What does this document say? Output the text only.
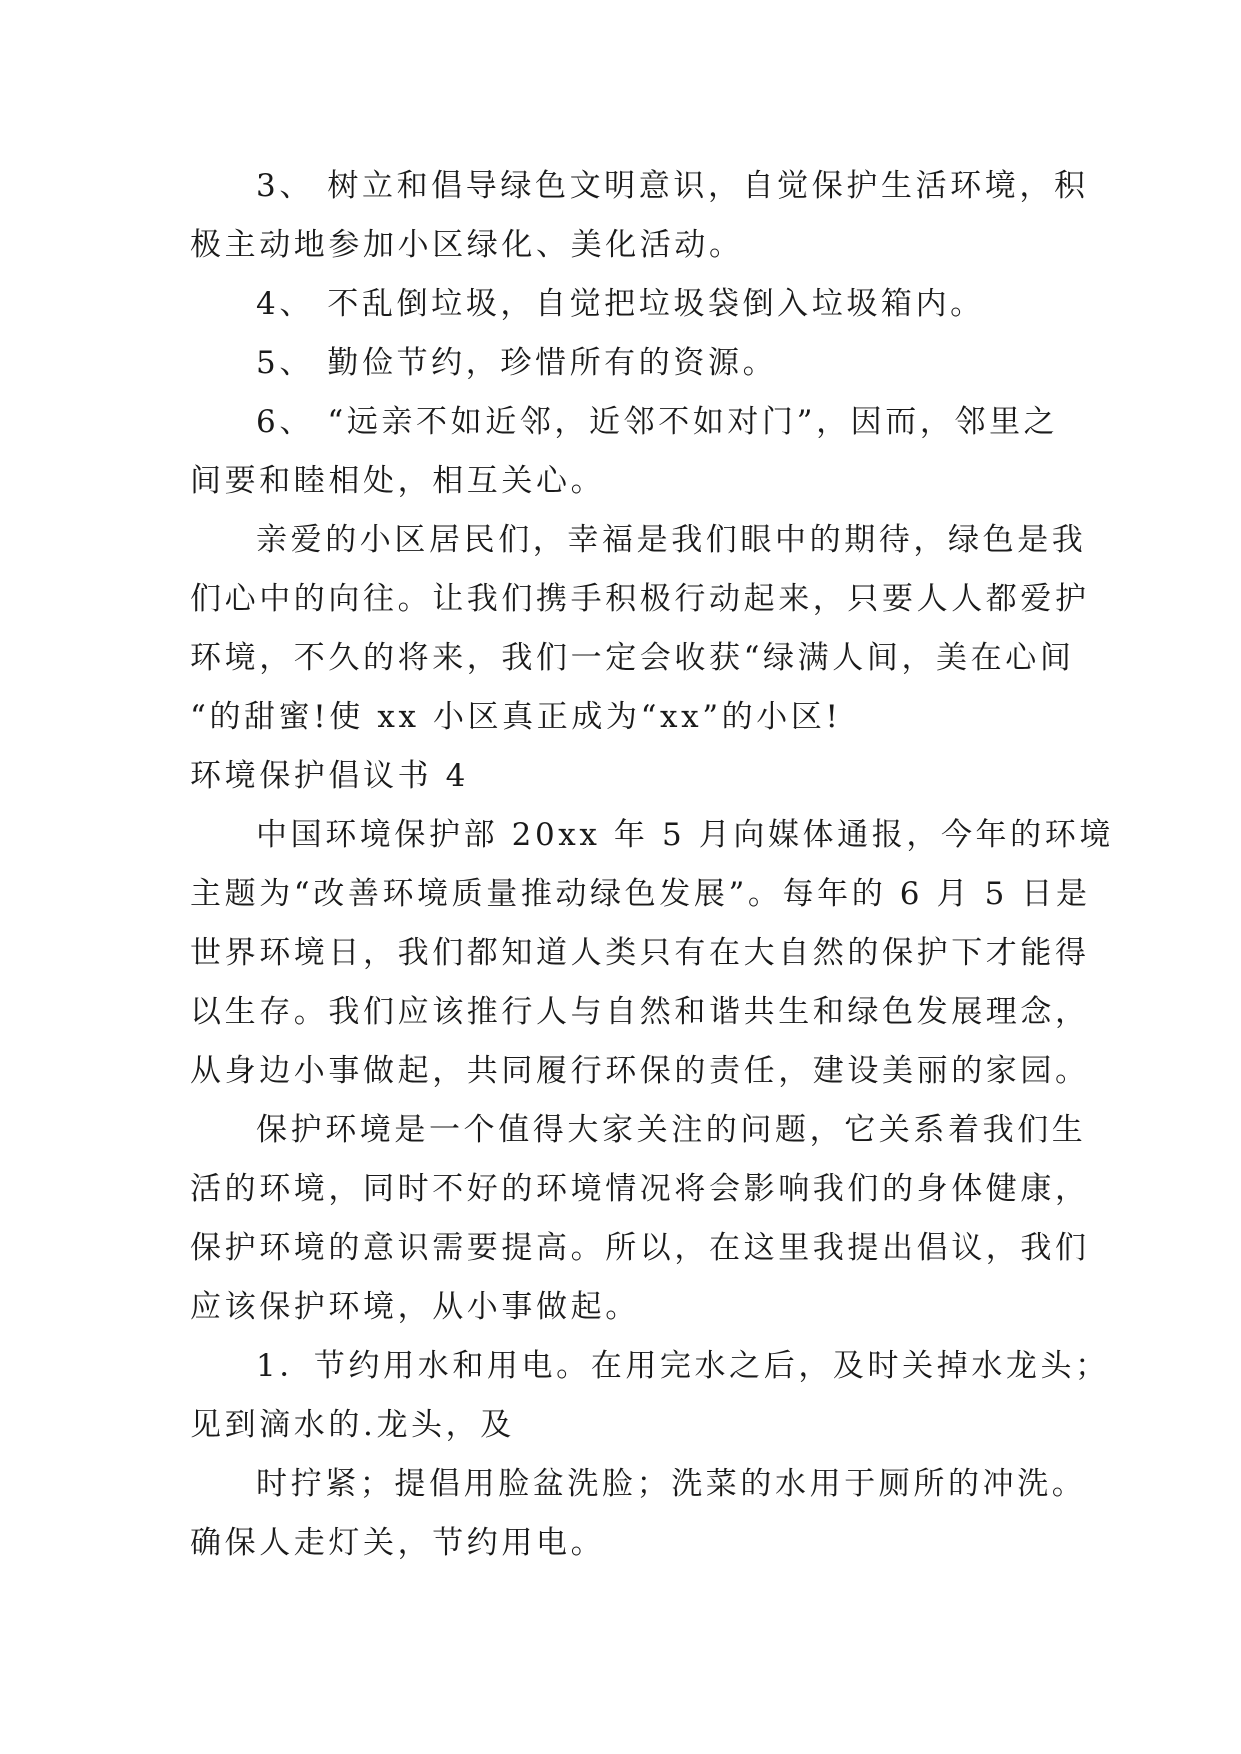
3、 树立和倡导绿色文明意识，自觉保护生活环境，积
极主动地参加小区绿化、美化活动。
4、 不乱倒垃圾，自觉把垃圾袋倒入垃圾箱内。
5、 勤俭节约，珍惜所有的资源。
6、 “远亲不如近邻，近邻不如对门”，因而，邻里之
间要和睦相处，相互关心。
亲爱的小区居民们，幸福是我们眼中的期待，绿色是我
们心中的向往。让我们携手积极行动起来，只要人人都爱护
环境，不久的将来，我们一定会收获“绿满人间，美在心间
“的甜蜜!使 xx 小区真正成为“xx”的小区!
环境保护倡议书 4
中国环境保护部 20xx 年 5 月向媒体通报，今年的环境
主题为“改善环境质量推动绿色发展”。每年的 6 月 5 日是
世界环境日，我们都知道人类只有在大自然的保护下才能得
以生存。我们应该推行人与自然和谐共生和绿色发展理念，
从身边小事做起，共同履行环保的责任，建设美丽的家园。
保护环境是一个值得大家关注的问题，它关系着我们生
活的环境，同时不好的环境情况将会影响我们的身体健康，
保护环境的意识需要提高。所以，在这里我提出倡议，我们
应该保护环境，从小事做起。
1．节约用水和用电。在用完水之后，及时关掉水龙头；
见到滴水的.龙头，及
时拧紧；提倡用脸盆洗脸；洗菜的水用于厕所的冲洗。
确保人走灯关，节约用电。
